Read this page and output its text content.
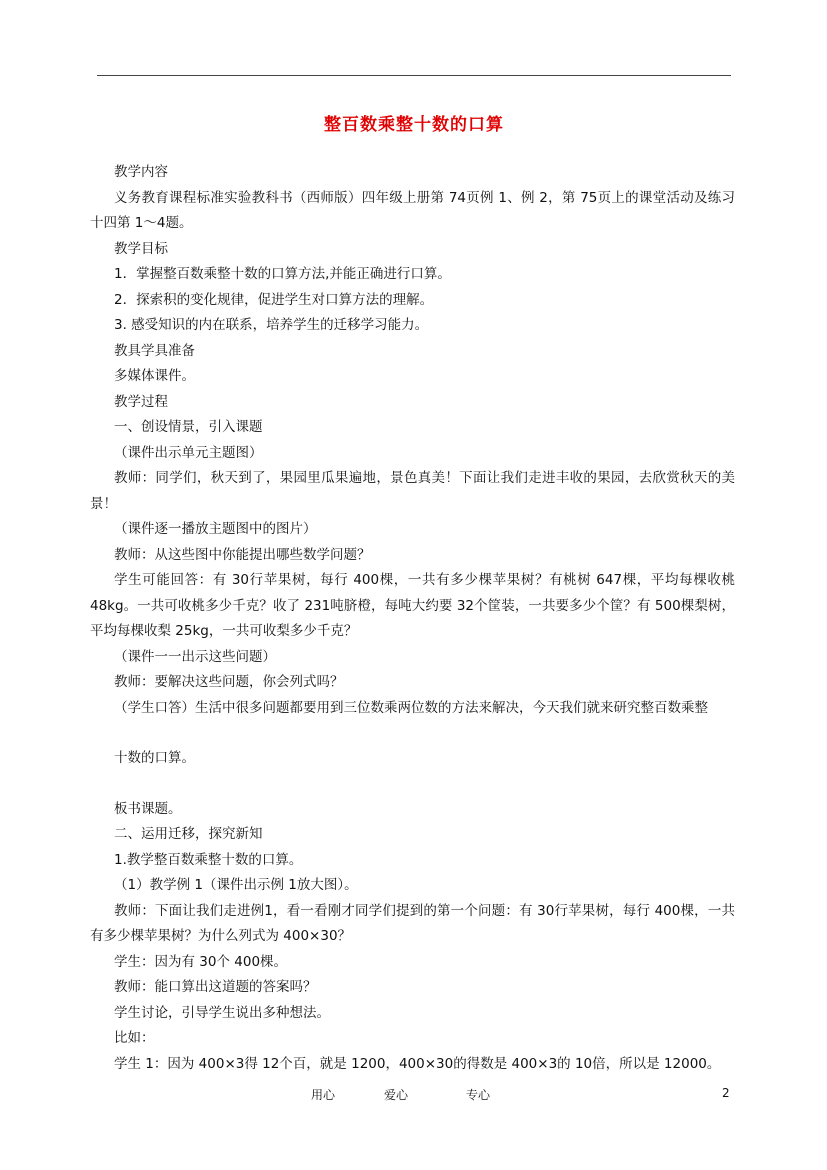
整百数乘整十数的口算

教学内容

义务教育课程标准实验教科书（西师版）四年级上册第 74页例 1、例 2，第 75页上的课堂活动及练习十四第 1～4题。

教学目标

1．掌握整百数乘整十数的口算方法,并能正确进行口算。

2．探索积的变化规律，促进学生对口算方法的理解。

3. 感受知识的内在联系，培养学生的迁移学习能力。

教具学具准备

多媒体课件。

教学过程

一、创设情景，引入课题

（课件出示单元主题图）

教师：同学们，秋天到了，果园里瓜果遍地，景色真美！下面让我们走进丰收的果园，去欣赏秋天的美景！

（课件逐一播放主题图中的图片）

教师：从这些图中你能提出哪些数学问题？

学生可能回答：有 30行苹果树，每行 400棵，一共有多少棵苹果树？有桃树 647棵，平均每棵收桃 48kg。一共可收桃多少千克？收了 231吨脐橙，每吨大约要 32个筐装，一共要多少个筐？有 500棵梨树，平均每棵收梨 25kg，一共可收梨多少千克？

（课件一一出示这些问题）

教师：要解决这些问题，你会列式吗？

（学生口答）生活中很多问题都要用到三位数乘两位数的方法来解决，今天我们就来研究整百数乘整

十数的口算。

板书课题。

二、运用迁移，探究新知

1.教学整百数乘整十数的口算。

（1）教学例 1（课件出示例 1放大图）。

教师：下面让我们走进例1，看一看刚才同学们提到的第一个问题：有 30行苹果树，每行 400棵，一共有多少棵苹果树？为什么列式为 400×30？

学生：因为有 30个 400棵。

教师：能口算出这道题的答案吗？

学生讨论，引导学生说出多种想法。

比如：

学生 1：因为 400×3得 12个百，就是 1200，400×30的得数是 400×3的 10倍，所以是 12000。

用心	爱心	专心	2
